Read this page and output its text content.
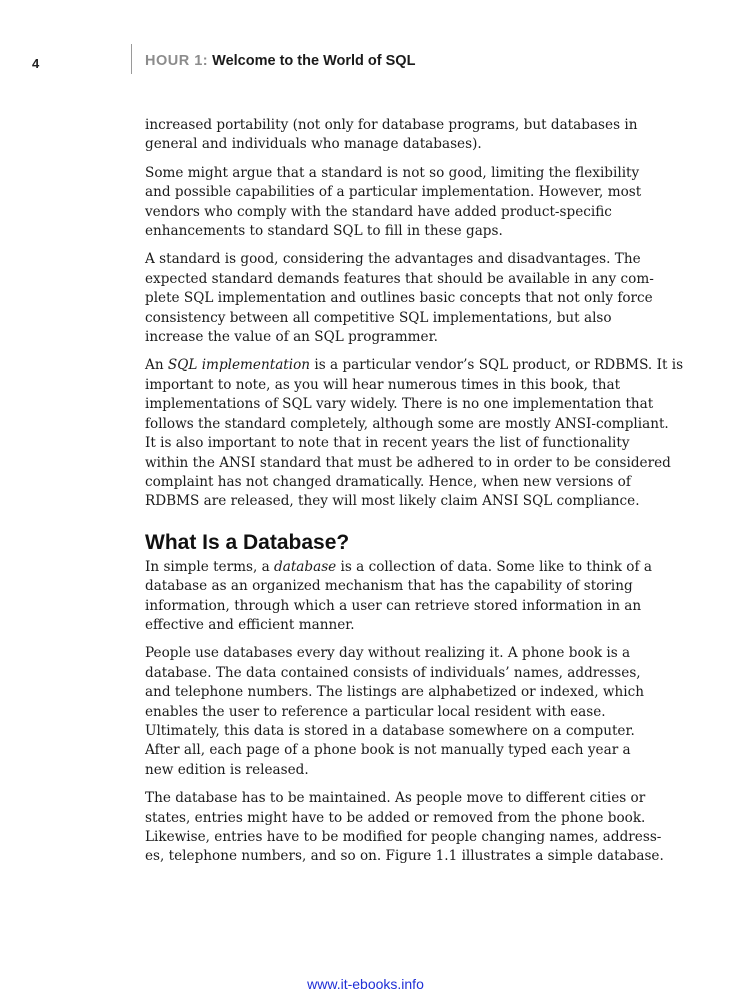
4	HOUR 1: Welcome to the World of SQL

increased portability (not only for database programs, but databases in
general and individuals who manage databases).

Some might argue that a standard is not so good, limiting the flexibility
and possible capabilities of a particular implementation. However, most
vendors who comply with the standard have added product-specific
enhancements to standard SQL to fill in these gaps.

A standard is good, considering the advantages and disadvantages. The
expected standard demands features that should be available in any com-
plete SQL implementation and outlines basic concepts that not only force
consistency between all competitive SQL implementations, but also
increase the value of an SQL programmer.

An SQL implementation is a particular vendor’s SQL product, or RDBMS. It is
important to note, as you will hear numerous times in this book, that
implementations of SQL vary widely. There is no one implementation that
follows the standard completely, although some are mostly ANSI-compliant.
It is also important to note that in recent years the list of functionality
within the ANSI standard that must be adhered to in order to be considered
complaint has not changed dramatically. Hence, when new versions of
RDBMS are released, they will most likely claim ANSI SQL compliance.

What Is a Database?

In simple terms, a database is a collection of data. Some like to think of a
database as an organized mechanism that has the capability of storing
information, through which a user can retrieve stored information in an
effective and efficient manner.

People use databases every day without realizing it. A phone book is a
database. The data contained consists of individuals’ names, addresses,
and telephone numbers. The listings are alphabetized or indexed, which
enables the user to reference a particular local resident with ease.
Ultimately, this data is stored in a database somewhere on a computer.
After all, each page of a phone book is not manually typed each year a
new edition is released.

The database has to be maintained. As people move to different cities or
states, entries might have to be added or removed from the phone book.
Likewise, entries have to be modified for people changing names, address-
es, telephone numbers, and so on. Figure 1.1 illustrates a simple database.

www.it-ebooks.info
